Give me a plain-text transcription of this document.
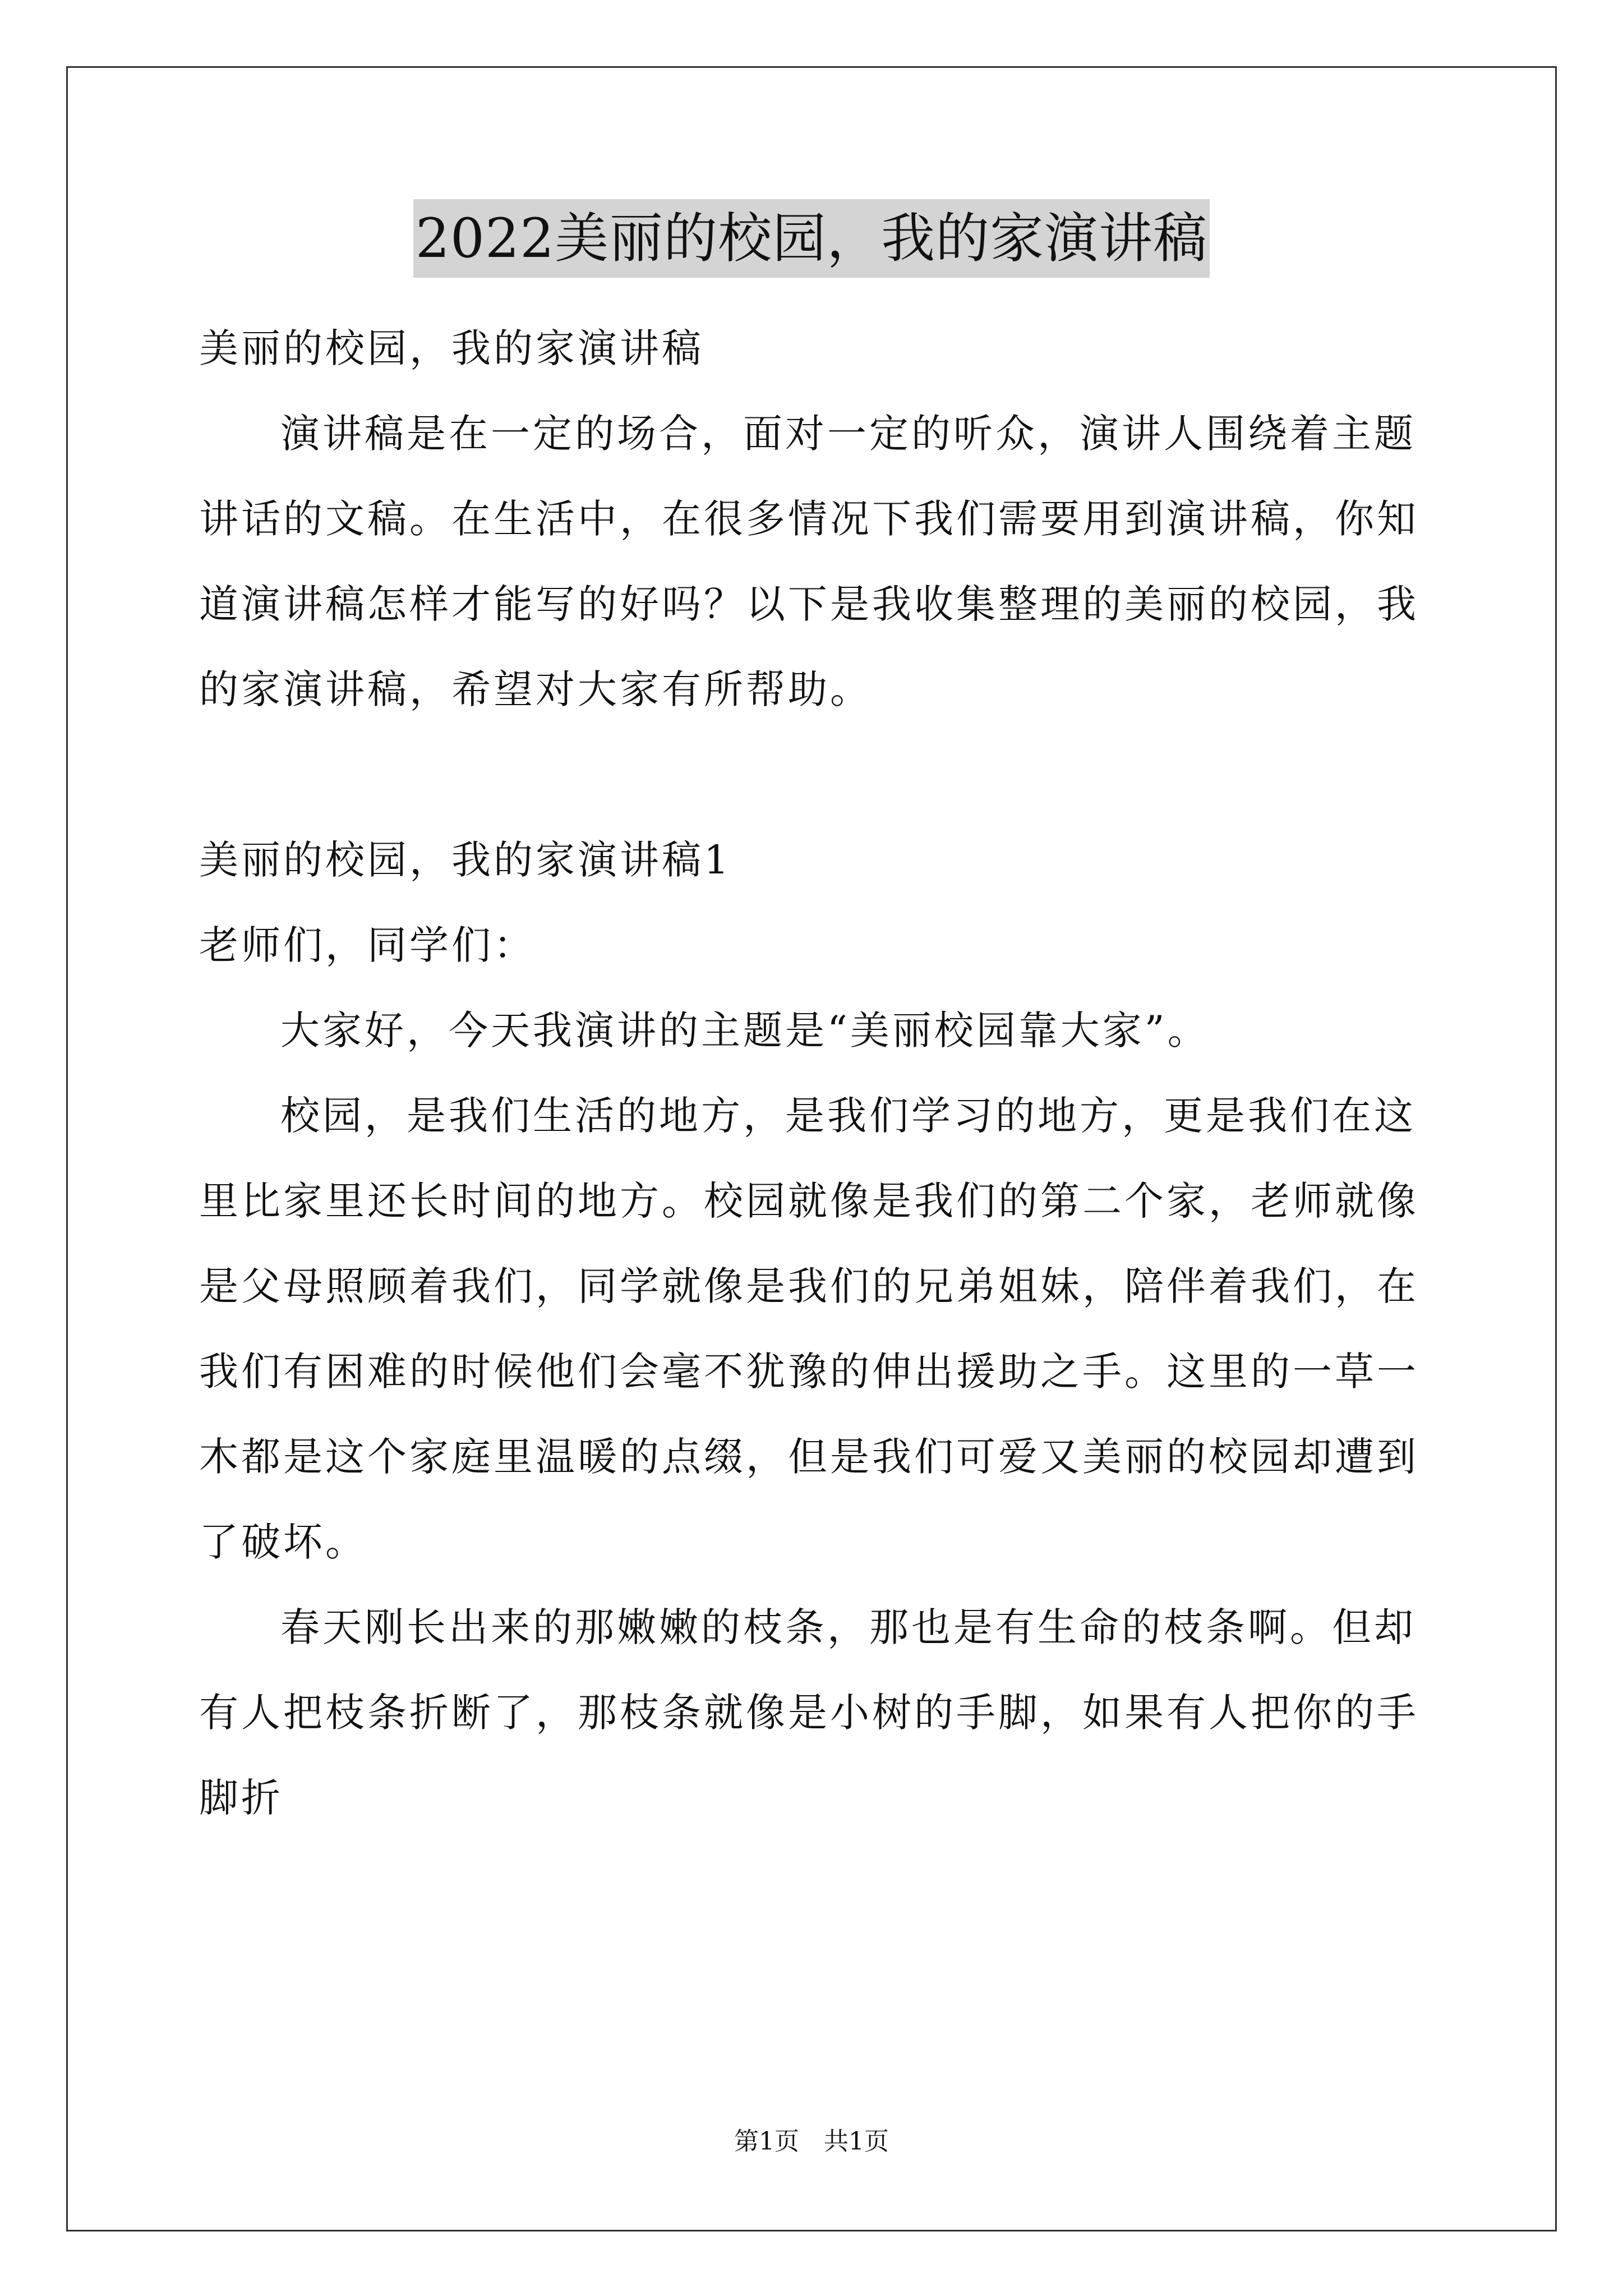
2022美丽的校园，我的家演讲稿

美丽的校园，我的家演讲稿

演讲稿是在一定的场合，面对一定的听众，演讲人围绕着主题讲话的文稿。在生活中，在很多情况下我们需要用到演讲稿，你知道演讲稿怎样才能写的好吗？以下是我收集整理的美丽的校园，我的家演讲稿，希望对大家有所帮助。

美丽的校园，我的家演讲稿1

老师们，同学们：

大家好，今天我演讲的主题是“美丽校园靠大家”。

校园，是我们生活的地方，是我们学习的地方，更是我们在这里比家里还长时间的地方。校园就像是我们的第二个家，老师就像是父母照顾着我们，同学就像是我们的兄弟姐妹，陪伴着我们，在我们有困难的时候他们会毫不犹豫的伸出援助之手。这里的一草一木都是这个家庭里温暖的点缀，但是我们可爱又美丽的校园却遭到了破坏。

春天刚长出来的那嫩嫩的枝条，那也是有生命的枝条啊。但却有人把枝条折断了，那枝条就像是小树的手脚，如果有人把你的手脚折

第1页　共1页
